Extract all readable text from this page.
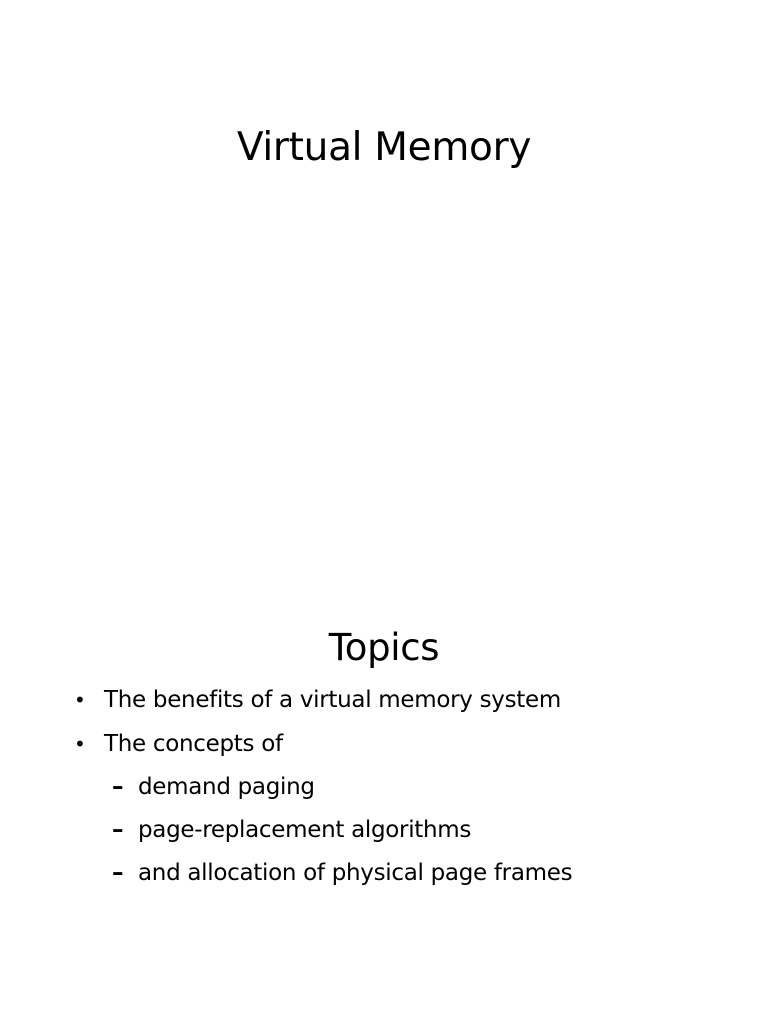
Virtual Memory
Topics
• The benefits of a virtual memory system
• The concepts of
– demand paging
– page-replacement algorithms
– and allocation of physical page frames
